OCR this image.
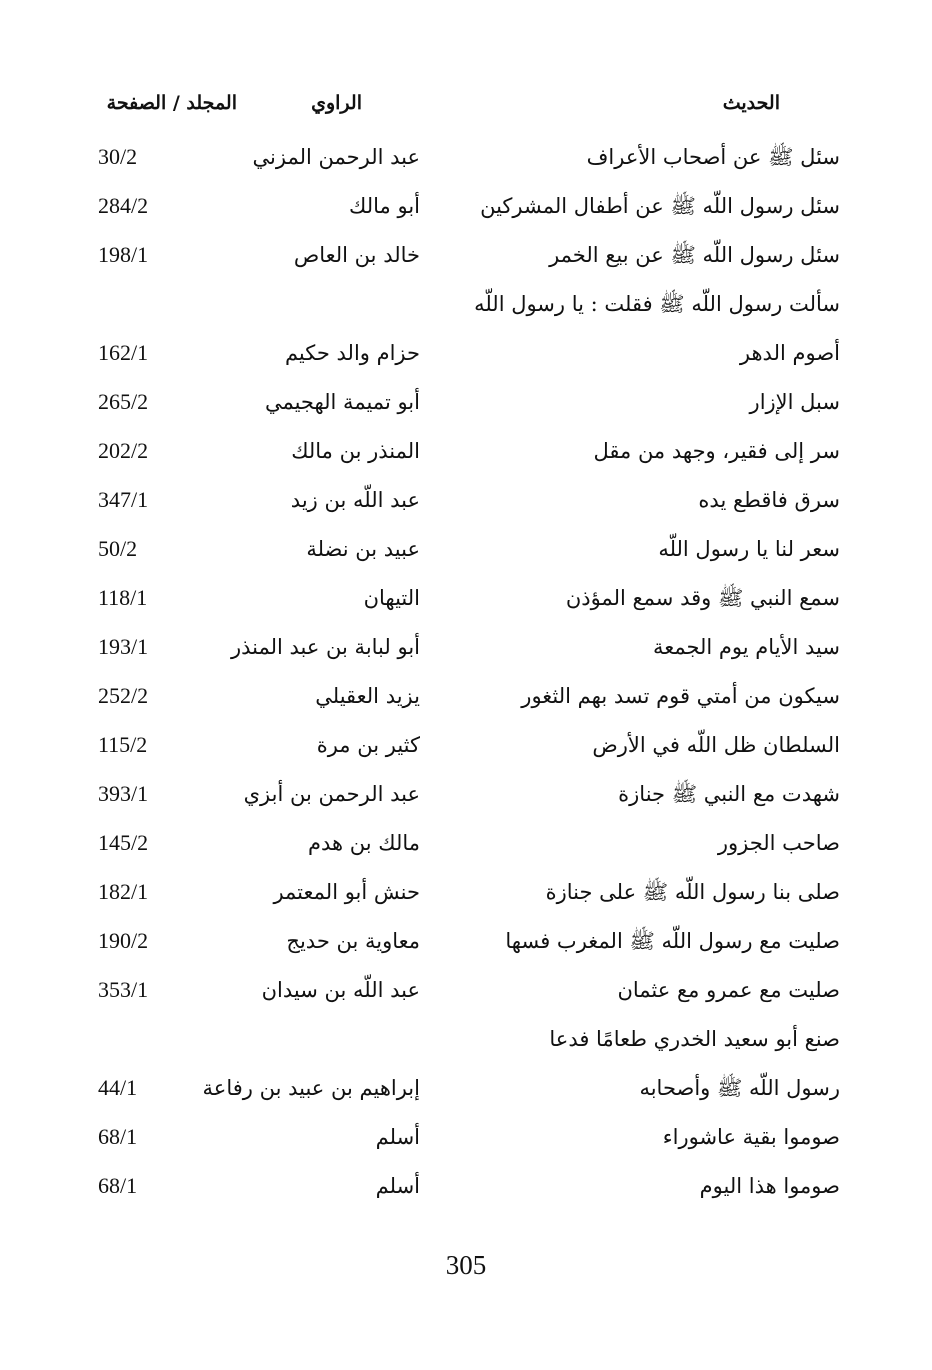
الحديث
الراوي
المجلد / الصفحة
سئل ﷺ عن أصحاب الأعراف
عبد الرحمن المزني
30/2
سئل رسول اللّه ﷺ عن أطفال المشركين
أبو مالك
284/2
سئل رسول اللّه ﷺ عن بيع الخمر
خالد بن العاص
198/1
سألت رسول اللّه ﷺ فقلت : يا رسول اللّه
أصوم الدهر
حزام والد حكيم
162/1
سبل الإزار
أبو تميمة الهجيمي
265/2
سر إلى فقير، وجهد من مقل
المنذر بن مالك
202/2
سرق فاقطع يده
عبد اللّه بن زيد
347/1
سعر لنا يا رسول اللّه
عبيد بن نضلة
50/2
سمع النبي ﷺ وقد سمع المؤذن
التيهان
118/1
سيد الأيام يوم الجمعة
أبو لبابة بن عبد المنذر
193/1
سيكون من أمتي قوم تسد بهم الثغور
يزيد العقيلي
252/2
السلطان ظل اللّه في الأرض
كثير بن مرة
115/2
شهدت مع النبي ﷺ جنازة
عبد الرحمن بن أبزي
393/1
صاحب الجزور
مالك بن هدم
145/2
صلى بنا رسول اللّه ﷺ على جنازة
حنش أبو المعتمر
182/1
صليت مع رسول اللّه ﷺ المغرب فسها
معاوية بن حديج
190/2
صليت مع عمرو مع عثمان
عبد اللّه بن سيدان
353/1
صنع أبو سعيد الخدري طعامًا فدعا
رسول اللّه ﷺ وأصحابه
إبراهيم بن عبيد بن رفاعة
44/1
صوموا بقية عاشوراء
أسلم
68/1
صوموا هذا اليوم
أسلم
68/1
305
